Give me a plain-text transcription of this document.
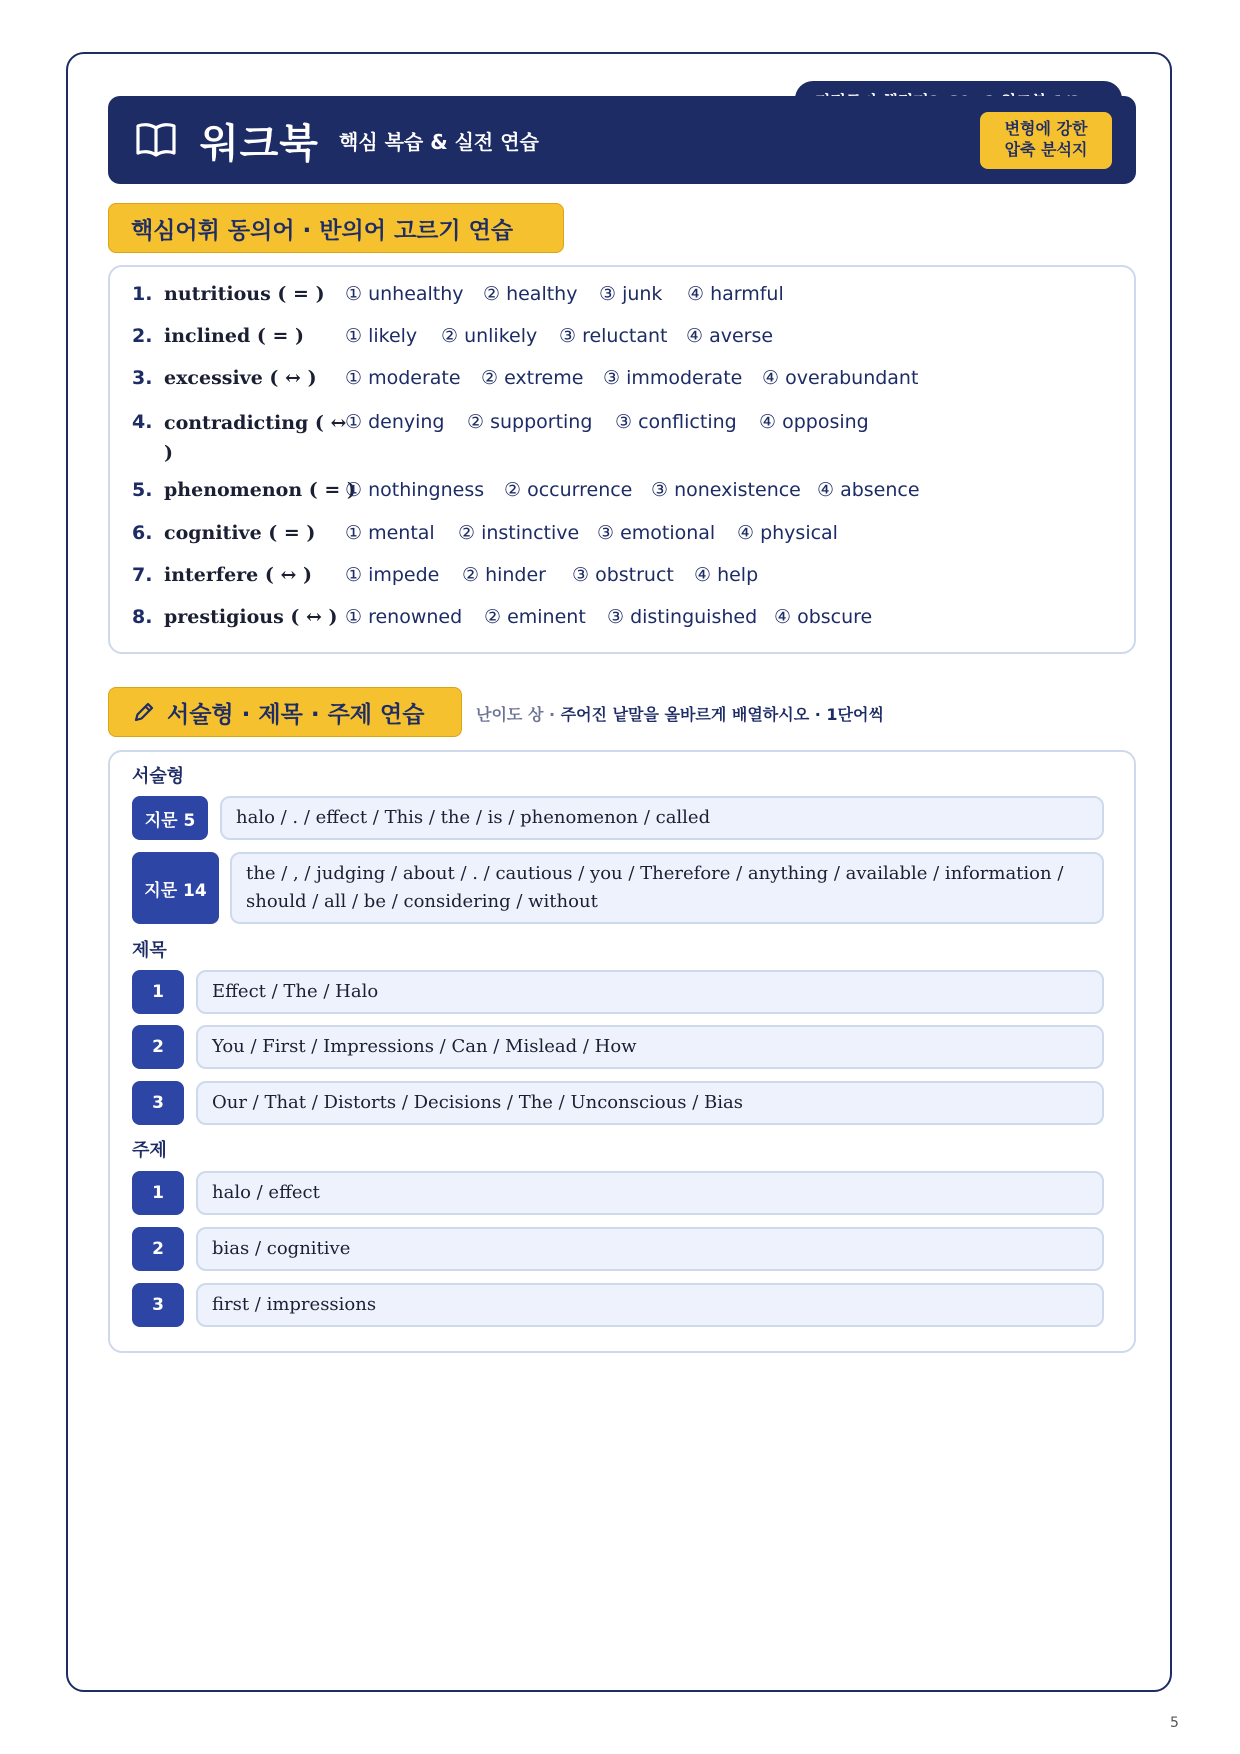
워크북 핵심 복습 & 실전 연습
변형에 강한
압축 분석지
핵심어휘 동의어 · 반의어 고르기 연습
1. nutritious ( = ) ① unhealthy ② healthy ③ junk ④ harmful
2. inclined ( = ) ① likely ② unlikely ③ reluctant ④ averse
3. excessive ( ↔ ) ① moderate ② extreme ③ immoderate ④ overabundant
4. contradicting ( ↔ )
① denying ② supporting ③ conflicting ④ opposing
5. phenomenon ( = )
① nothingness ② occurrence ③ nonexistence ④ absence
6. cognitive ( = ) ① mental ② instinctive ③ emotional ④ physical
7. interfere ( ↔ ) ① impede ② hinder ③ obstruct ④ help
8. prestigious ( ↔ ) ① renowned ② eminent ③ distinguished ④ obscure
서술형 · 제목 · 주제 연습	난이도 상 · 주어진 낱말을 올바르게 배열하시오 · 1단어씩
서술형
지문 5	halo / . / effect / This / the / is / phenomenon / called
지문 14
the / , / judging / about / . / cautious / you / Therefore / anything / available / information / should / all / be / considering / without
제목
1	Effect / The / Halo
2	You / First / Impressions / Can / Mislead / How
3	Our / That / Distorts / Decisions / The / Unconscious / Bias
주제
1	halo / effect
2	bias / cognitive
3	first / impressions
5
